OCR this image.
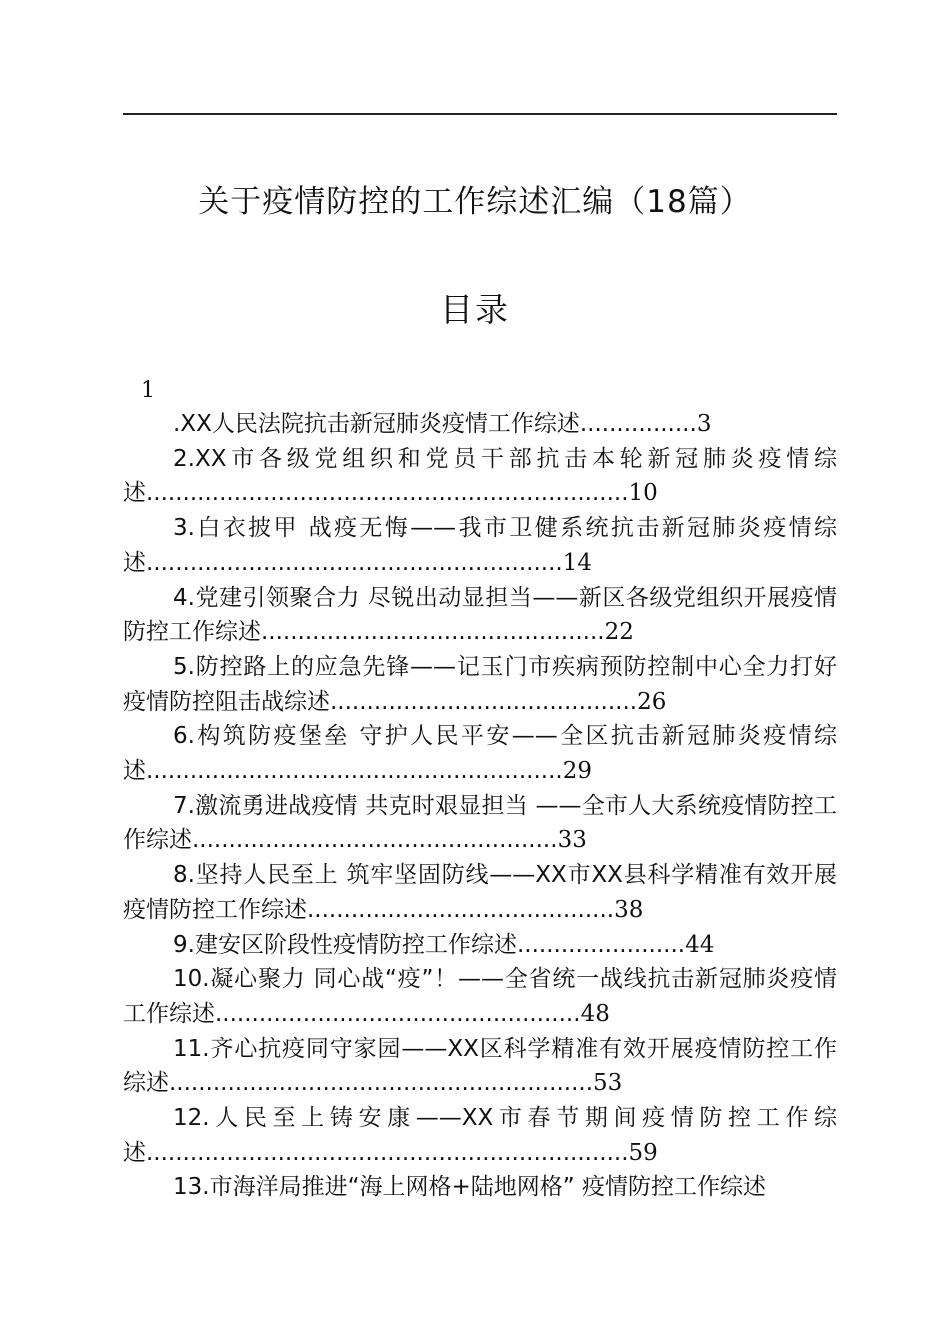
关于疫情防控的工作综述汇编（18篇）
目录
1
.XX人民法院抗击新冠肺炎疫情工作综述................3
2.XX市各级党组织和党员干部抗击本轮新冠肺炎疫情综述..................................................................10
3.白衣披甲 战疫无悔——我市卫健系统抗击新冠肺炎疫情综述.........................................................14
4.党建引领聚合力 尽锐出动显担当——新区各级党组织开展疫情防控工作综述...............................................22
5.防控路上的应急先锋——记玉门市疾病预防控制中心全力打好疫情防控阻击战综述..........................................26
6.构筑防疫堡垒 守护人民平安——全区抗击新冠肺炎疫情综述.........................................................29
7.激流勇进战疫情 共克时艰显担当 ——全市人大系统疫情防控工作综述..................................................33
8.坚持人民至上 筑牢坚固防线——XX市XX县科学精准有效开展疫情防控工作综述..........................................38
9.建安区阶段性疫情防控工作综述.......................44
10.凝心聚力 同心战“疫”！——全省统一战线抗击新冠肺炎疫情工作综述..................................................48
11.齐心抗疫同守家园——XX区科学精准有效开展疫情防控工作综述..........................................................53
12.人民至上铸安康——XX市春节期间疫情防控工作综述..................................................................59
13.市海洋局推进“海上网格+陆地网格” 疫情防控工作综述
